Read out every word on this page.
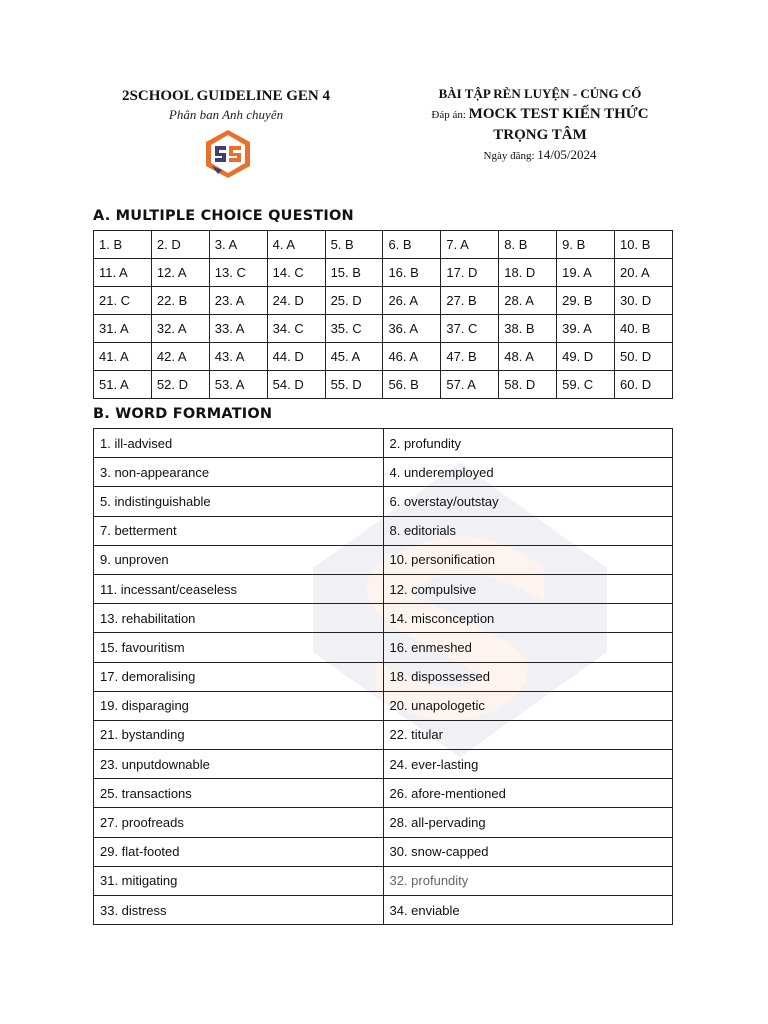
2SCHOOL GUIDELINE GEN 4
Phân ban Anh chuyên
BÀI TẬP RÈN LUYỆN - CỦNG CỐ
Đáp án: MOCK TEST KIẾN THỨC
TRỌNG TÂM
Ngày đăng: 14/05/2024
A. MULTIPLE CHOICE QUESTION
1. B	2. D	3. A	4. A	5. B	6. B	7. A	8. B	9. B	10. B
11. A	12. A	13. C	14. C	15. B	16. B	17. D	18. D	19. A	20. A
21. C	22. B	23. A	24. D	25. D	26. A	27. B	28. A	29. B	30. D
31. A	32. A	33. A	34. C	35. C	36. A	37. C	38. B	39. A	40. B
41. A	42. A	43. A	44. D	45. A	46. A	47. B	48. A	49. D	50. D
51. A	52. D	53. A	54. D	55. D	56. B	57. A	58. D	59. C	60. D
B. WORD FORMATION
1. ill-advised	2. profundity
3. non-appearance	4. underemployed
5. indistinguishable	6. overstay/outstay
7. betterment	8. editorials
9. unproven	10. personification
11. incessant/ceaseless	12. compulsive
13. rehabilitation	14. misconception
15. favouritism	16. enmeshed
17. demoralising	18. dispossessed
19. disparaging	20. unapologetic
21. bystanding	22. titular
23. unputdownable	24. ever-lasting
25. transactions	26. afore-mentioned
27. proofreads	28. all-pervading
29. flat-footed	30. snow-capped
31. mitigating	32. profundity
33. distress	34. enviable
